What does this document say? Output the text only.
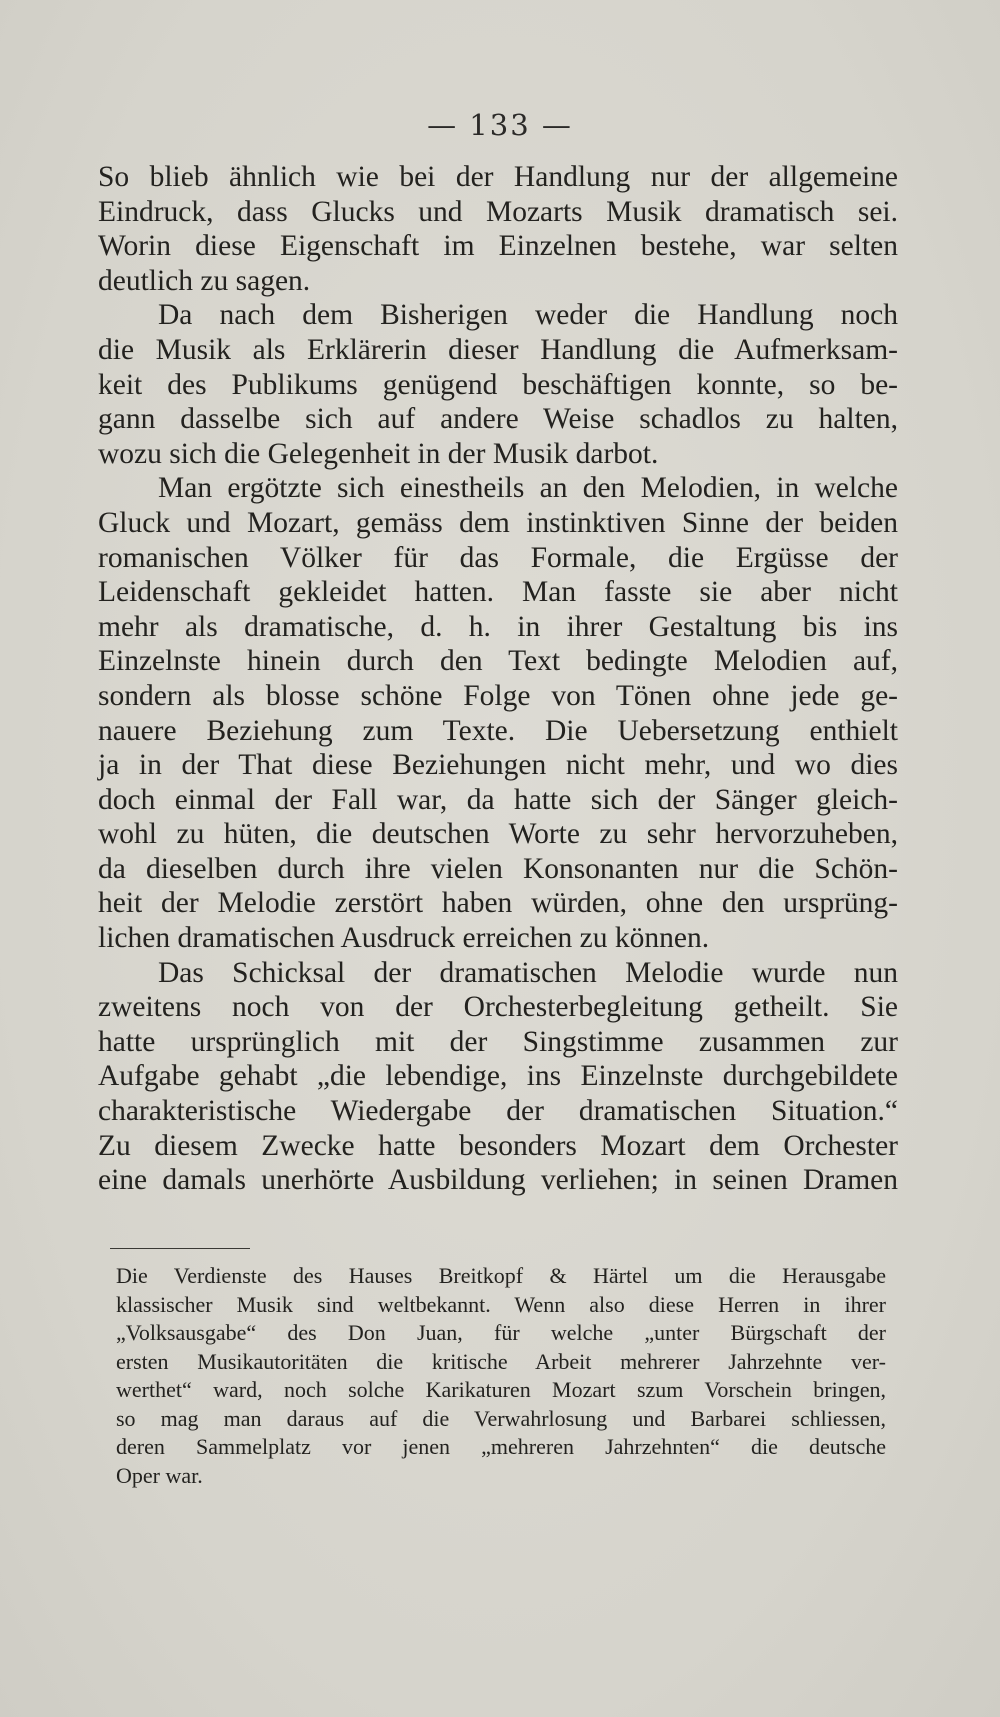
— 133 —
So blieb ähnlich wie bei der Handlung nur der allgemeine
Eindruck, dass Glucks und Mozarts Musik dramatisch sei.
Worin diese Eigenschaft im Einzelnen bestehe, war selten
deutlich zu sagen.
Da nach dem Bisherigen weder die Handlung noch
die Musik als Erklärerin dieser Handlung die Aufmerksam-
keit des Publikums genügend beschäftigen konnte, so be-
gann dasselbe sich auf andere Weise schadlos zu halten,
wozu sich die Gelegenheit in der Musik darbot.
Man ergötzte sich einestheils an den Melodien, in welche
Gluck und Mozart, gemäss dem instinktiven Sinne der beiden
romanischen Völker für das Formale, die Ergüsse der
Leidenschaft gekleidet hatten. Man fasste sie aber nicht
mehr als dramatische, d. h. in ihrer Gestaltung bis ins
Einzelnste hinein durch den Text bedingte Melodien auf,
sondern als blosse schöne Folge von Tönen ohne jede ge-
nauere Beziehung zum Texte. Die Uebersetzung enthielt
ja in der That diese Beziehungen nicht mehr, und wo dies
doch einmal der Fall war, da hatte sich der Sänger gleich-
wohl zu hüten, die deutschen Worte zu sehr hervorzuheben,
da dieselben durch ihre vielen Konsonanten nur die Schön-
heit der Melodie zerstört haben würden, ohne den ursprüng-
lichen dramatischen Ausdruck erreichen zu können.
Das Schicksal der dramatischen Melodie wurde nun
zweitens noch von der Orchesterbegleitung getheilt. Sie
hatte ursprünglich mit der Singstimme zusammen zur
Aufgabe gehabt „die lebendige, ins Einzelnste durchgebildete
charakteristische Wiedergabe der dramatischen Situation.“
Zu diesem Zwecke hatte besonders Mozart dem Orchester
eine damals unerhörte Ausbildung verliehen; in seinen Dramen
Die Verdienste des Hauses Breitkopf & Härtel um die Herausgabe
klassischer Musik sind weltbekannt. Wenn also diese Herren in ihrer
„Volksausgabe“ des Don Juan, für welche „unter Bürgschaft der
ersten Musikautoritäten die kritische Arbeit mehrerer Jahrzehnte ver-
werthet“ ward, noch solche Karikaturen Mozart szum Vorschein bringen,
so mag man daraus auf die Verwahrlosung und Barbarei schliessen,
deren Sammelplatz vor jenen „mehreren Jahrzehnten“ die deutsche
Oper war.
